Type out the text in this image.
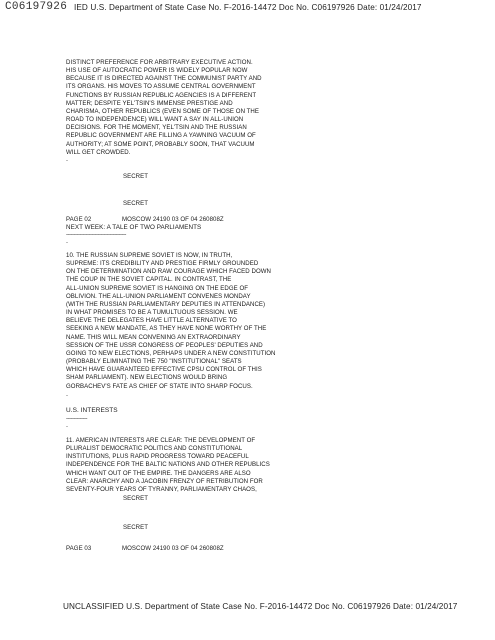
C06197926 IED U.S. Department of State Case No. F-2016-14472 Doc No. C06197926 Date: 01/24/2017
DISTINCT PREFERENCE FOR ARBITRARY EXECUTIVE ACTION.
HIS USE OF AUTOCRATIC POWER IS WIDELY POPULAR NOW
BECAUSE IT IS DIRECTED AGAINST THE COMMUNIST PARTY AND
ITS ORGANS. HIS MOVES TO ASSUME CENTRAL GOVERNMENT
FUNCTIONS BY RUSSIAN REPUBLIC AGENCIES IS A DIFFERENT
MATTER; DESPITE YEL'TSIN'S IMMENSE PRESTIGE AND
CHARISMA, OTHER REPUBLICS (EVEN SOME OF THOSE ON THE
ROAD TO INDEPENDENCE) WILL WANT A SAY IN ALL-UNION
DECISIONS. FOR THE MOMENT, YEL'TSIN AND THE RUSSIAN
REPUBLIC GOVERNMENT ARE FILLING A YAWNING VACUUM OF
AUTHORITY; AT SOME POINT, PROBABLY SOON, THAT VACUUM
WILL GET CROWDED.
-
SECRET
SECRET
PAGE 02	MOSCOW 24190 03 OF 04 260808Z
NEXT WEEK: A TALE OF TWO PARLIAMENTS
----------------------------------------
-
10. THE RUSSIAN SUPREME SOVIET IS NOW, IN TRUTH,
SUPREME: ITS CREDIBILITY AND PRESTIGE FIRMLY GROUNDED
ON THE DETERMINATION AND RAW COURAGE WHICH FACED DOWN
THE COUP IN THE SOVIET CAPITAL. IN CONTRAST, THE
ALL-UNION SUPREME SOVIET IS HANGING ON THE EDGE OF
OBLIVION. THE ALL-UNION PARLIAMENT CONVENES MONDAY
(WITH THE RUSSIAN PARLIAMENTARY DEPUTIES IN ATTENDANCE)
IN WHAT PROMISES TO BE A TUMULTUOUS SESSION. WE
BELIEVE THE DELEGATES HAVE LITTLE ALTERNATIVE TO
SEEKING A NEW MANDATE, AS THEY HAVE NONE WORTHY OF THE
NAME. THIS WILL MEAN CONVENING AN EXTRAORDINARY
SESSION OF THE USSR CONGRESS OF PEOPLES' DEPUTIES AND
GOING TO NEW ELECTIONS, PERHAPS UNDER A NEW CONSTITUTION
(PROBABLY ELIMINATING THE 750 "INSTITUTIONAL" SEATS
WHICH HAVE GUARANTEED EFFECTIVE CPSU CONTROL OF THIS
SHAM PARLIAMENT). NEW ELECTIONS WOULD BRING
GORBACHEV'S FATE AS CHIEF OF STATE INTO SHARP FOCUS.
-
U.S. INTERESTS
--------------
-
11. AMERICAN INTERESTS ARE CLEAR: THE DEVELOPMENT OF
PLURALIST DEMOCRATIC POLITICS AND CONSTITUTIONAL
INSTITUTIONS, PLUS RAPID PROGRESS TOWARD PEACEFUL
INDEPENDENCE FOR THE BALTIC NATIONS AND OTHER REPUBLICS
WHICH WANT OUT OF THE EMPIRE. THE DANGERS ARE ALSO
CLEAR: ANARCHY AND A JACOBIN FRENZY OF RETRIBUTION FOR
SEVENTY-FOUR YEARS OF TYRANNY, PARLIAMENTARY CHAOS,
SECRET
SECRET
PAGE 03	MOSCOW 24190 03 OF 04 260808Z
UNCLASSIFIED U.S. Department of State Case No. F-2016-14472 Doc No. C06197926 Date: 01/24/2017
